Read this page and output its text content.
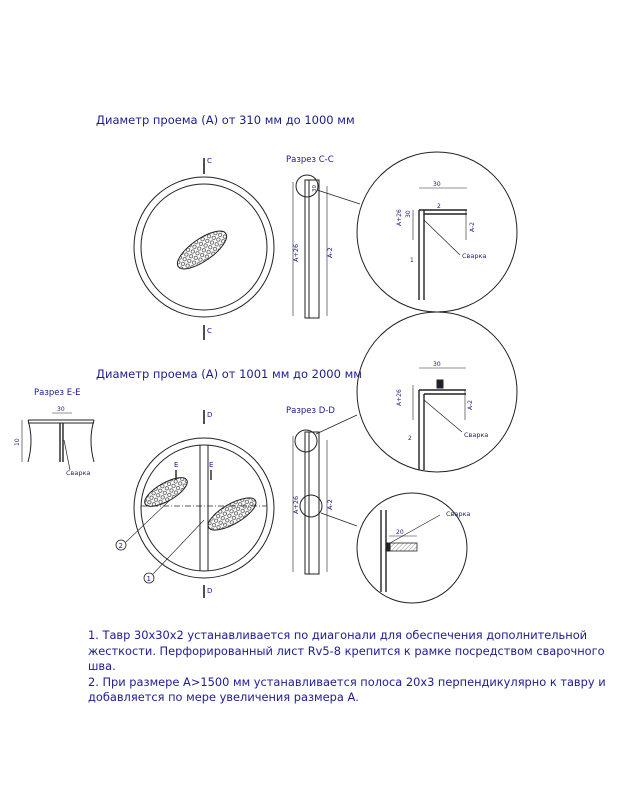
Диаметр проема (А) от 310 мм до 1000 мм
Диаметр проема (А) от 1001 мм до 2000 мм
C
C
Разрез С-С
A+26	A-2
30
30
A+26 30
2
A-2
1
Сварка
Разрез Е-Е
30
10
Сварка
D
D
E	E
2
1
Разрез D-D
A+26	A-2
30
A+26
2
A-2
2	Сварка
20
Сварка

1. Тавр 30х30х2 устанавливается по диагонали для обеспечения дополнительной жесткости. Перфорированный лист Rv5-8 крепится к рамке посредством сварочного шва.

2. При размере А>1500 мм устанавливается полоса 20х3 перпендикулярно к тавру и добавляется по мере увеличения размера А.
